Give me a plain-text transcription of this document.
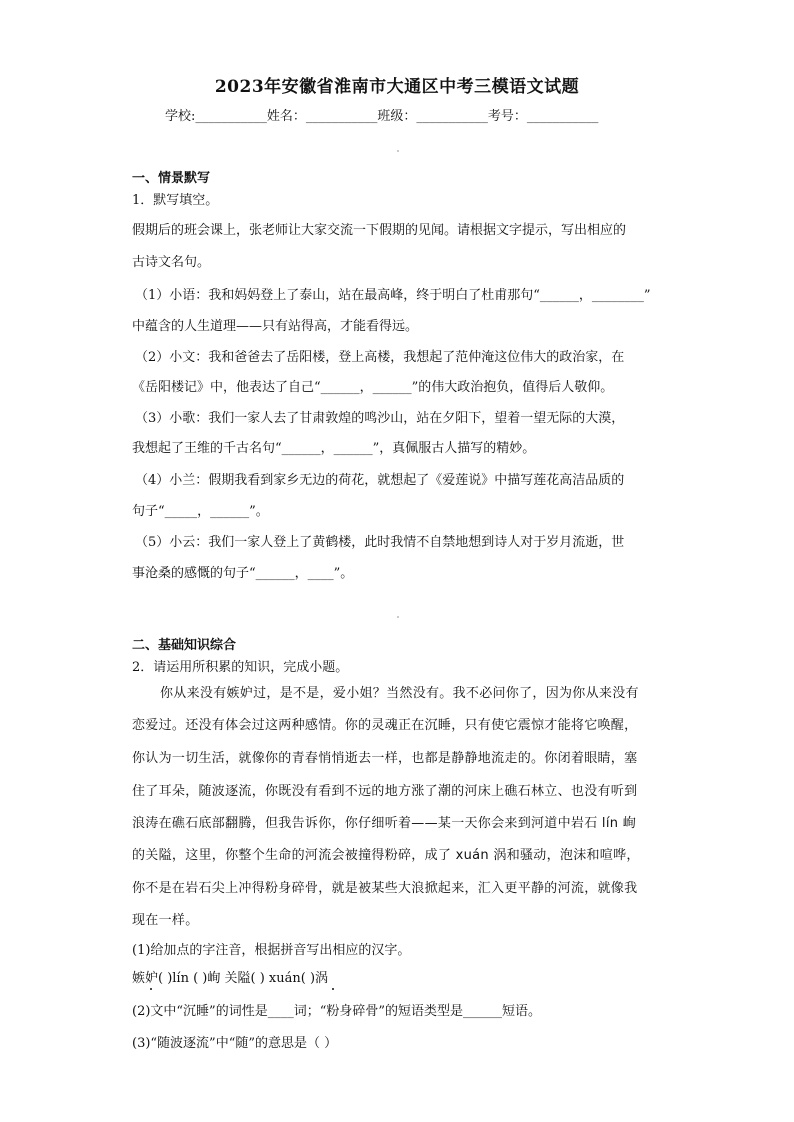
2023年安徽省淮南市大通区中考三模语文试题
学校:___________姓名：___________班级：___________考号：___________
一、情景默写
1．默写填空。
假期后的班会课上，张老师让大家交流一下假期的见闻。请根据文字提示，写出相应的
古诗文名句。
（1）小语：我和妈妈登上了泰山，站在最高峰，终于明白了杜甫那句“______，________”
中蕴含的人生道理——只有站得高，才能看得远。
（2）小文：我和爸爸去了岳阳楼，登上高楼，我想起了范仲淹这位伟大的政治家，在
《岳阳楼记》中，他表达了自己“______，______”的伟大政治抱负，值得后人敬仰。
（3）小歌：我们一家人去了甘肃敦煌的鸣沙山，站在夕阳下，望着一望无际的大漠，
我想起了王维的千古名句“______，______”，真佩服古人描写的精妙。
（4）小兰：假期我看到家乡无边的荷花，就想起了《爱莲说》中描写莲花高洁品质的
句子“_____，______”。
（5）小云：我们一家人登上了黄鹤楼，此时我情不自禁地想到诗人对于岁月流逝，世
事沧桑的感慨的句子“______，____”。
二、基础知识综合
2．请运用所积累的知识，完成小题。
你从来没有嫉妒过，是不是，爱小姐？当然没有。我不必问你了，因为你从来没有
恋爱过。还没有体会过这两种感情。你的灵魂正在沉睡，只有使它震惊才能将它唤醒，
你认为一切生活，就像你的青春悄悄逝去一样，也都是静静地流走的。你闭着眼睛，塞
住了耳朵，随波逐流，你既没有看到不远的地方涨了潮的河床上礁石林立、也没有听到
浪涛在礁石底部翻腾，但我告诉你，你仔细听着——某一天你会来到河道中岩石 lín 峋
的关隘，这里，你整个生命的河流会被撞得粉碎，成了 xuán 涡和骚动，泡沫和喧哗，
你不是在岩石尖上冲得粉身碎骨，就是被某些大浪掀起来，汇入更平静的河流，就像我
现在一样。
(1)给加点的字注音，根据拼音写出相应的汉字。
嫉妒( )lín ( )峋 关隘( ) xuán( )涡
(2)文中“沉睡”的词性是____词；“粉身碎骨”的短语类型是______短语。
(3)“随波逐流”中“随”的意思是（ ）
